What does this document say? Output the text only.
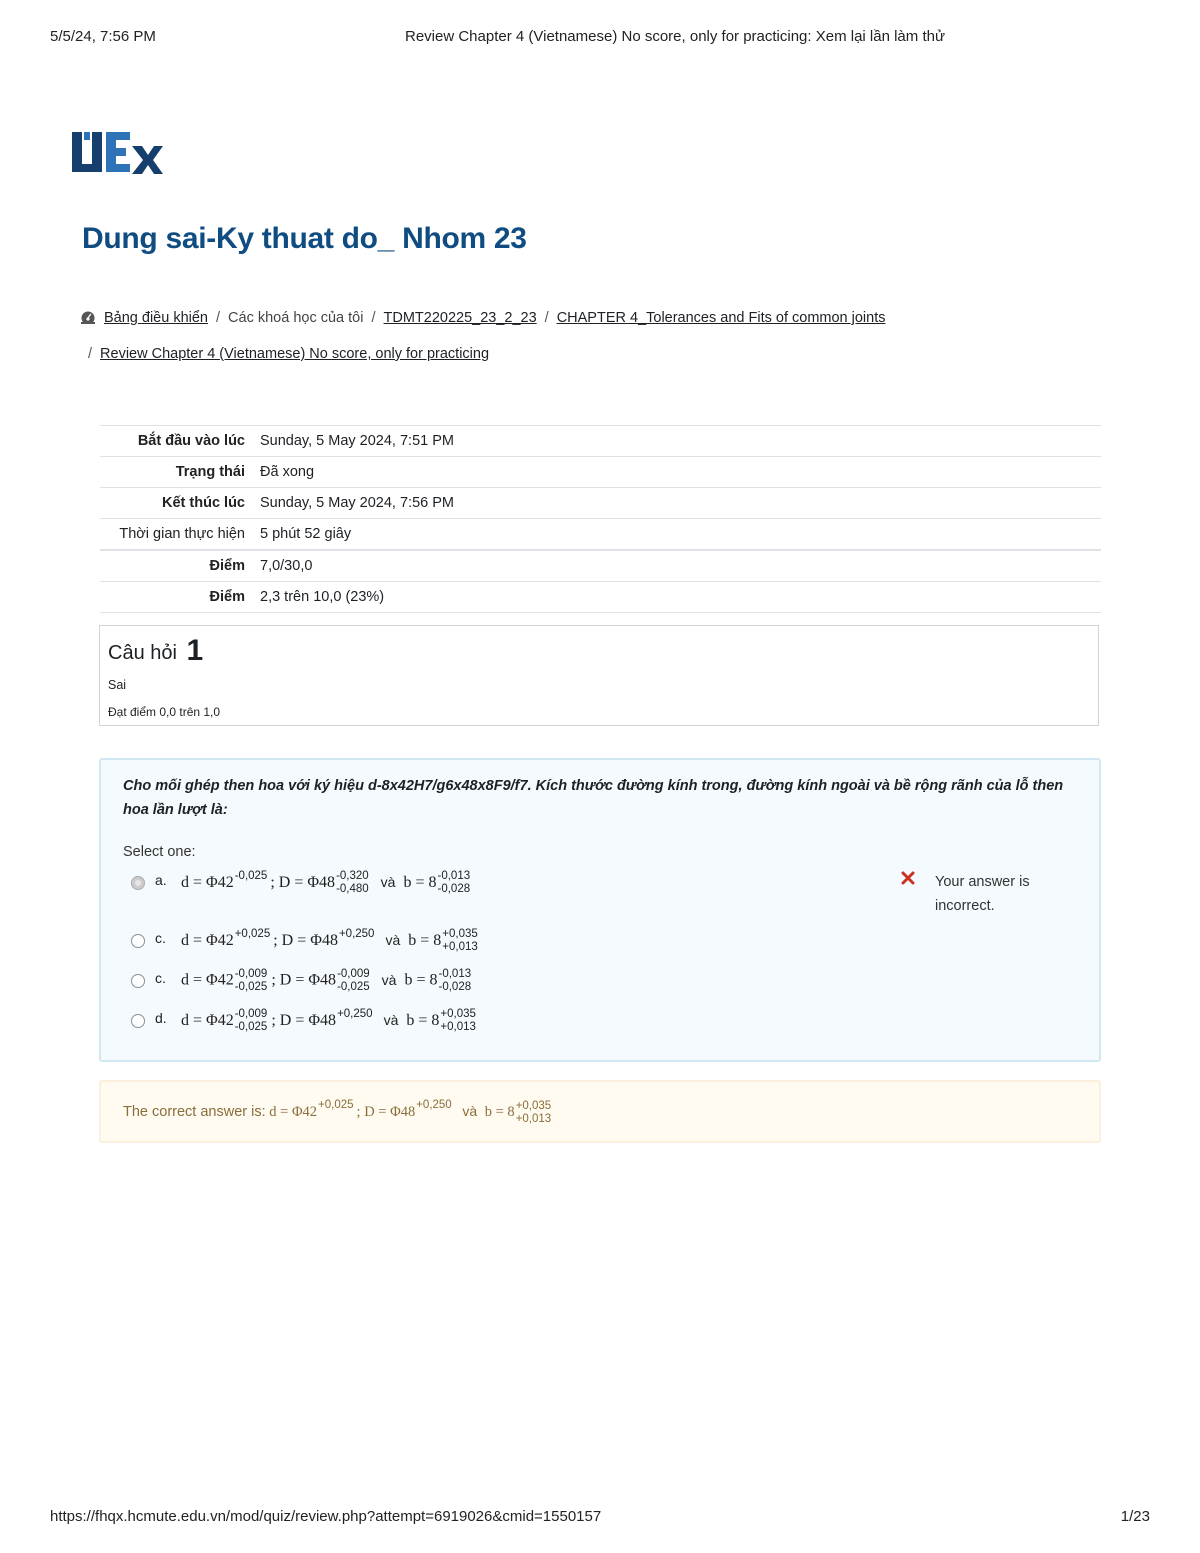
5/5/24, 7:56 PM	Review Chapter 4 (Vietnamese) No score, only for practicing: Xem lại lần làm thử
Dung sai-Ky thuat do_ Nhom 23
Bảng điều khiển / Các khoá học của tôi / TDMT220225_23_2_23 / CHAPTER 4_Tolerances and Fits of common joints
/ Review Chapter 4 (Vietnamese) No score, only for practicing
Bắt đầu vào lúc	Sunday, 5 May 2024, 7:51 PM
Trạng thái	Đã xong
Kết thúc lúc	Sunday, 5 May 2024, 7:56 PM
Thời gian thực hiện	5 phút 52 giây
Điểm	7,0/30,0
Điểm	2,3 trên 10,0 (23%)
Câu hỏi 1
Sai
Đạt điểm 0,0 trên 1,0
Cho mối ghép then hoa với ký hiệu d-8x42H7/g6x48x8F9/f7. Kích thước đường kính trong, đường kính ngoài và bề rộng rãnh của lỗ then hoa lần lượt là:
Select one:
a. $d = \Phi 42^{-0,025}$ ; D = Φ48 -0,320
-0,480 và b = 8 -0,013
-0,028
c. $d = \Phi 42^{+0,025}$ ; $D = \Phi 48^{+0,250}$ và b = 8 +0,035
+0,013
c. d = Φ42 -0,009
-0,025 ; D = Φ48 -0,009
-0,025 và b = 8 -0,013
-0,028
d. d = Φ42 -0,009
-0,025 ; $D = \Phi 48^{+0,250}$ và b = 8 +0,035
+0,013
Your answer is incorrect.
The correct answer is: $d = \Phi 42^{+0,025}$ ; $D = \Phi 48^{+0,250}$ và b = 8 +0,035
+0,013
https://fhqx.hcmute.edu.vn/mod/quiz/review.php?attempt=6919026&cmid=1550157	1/23
